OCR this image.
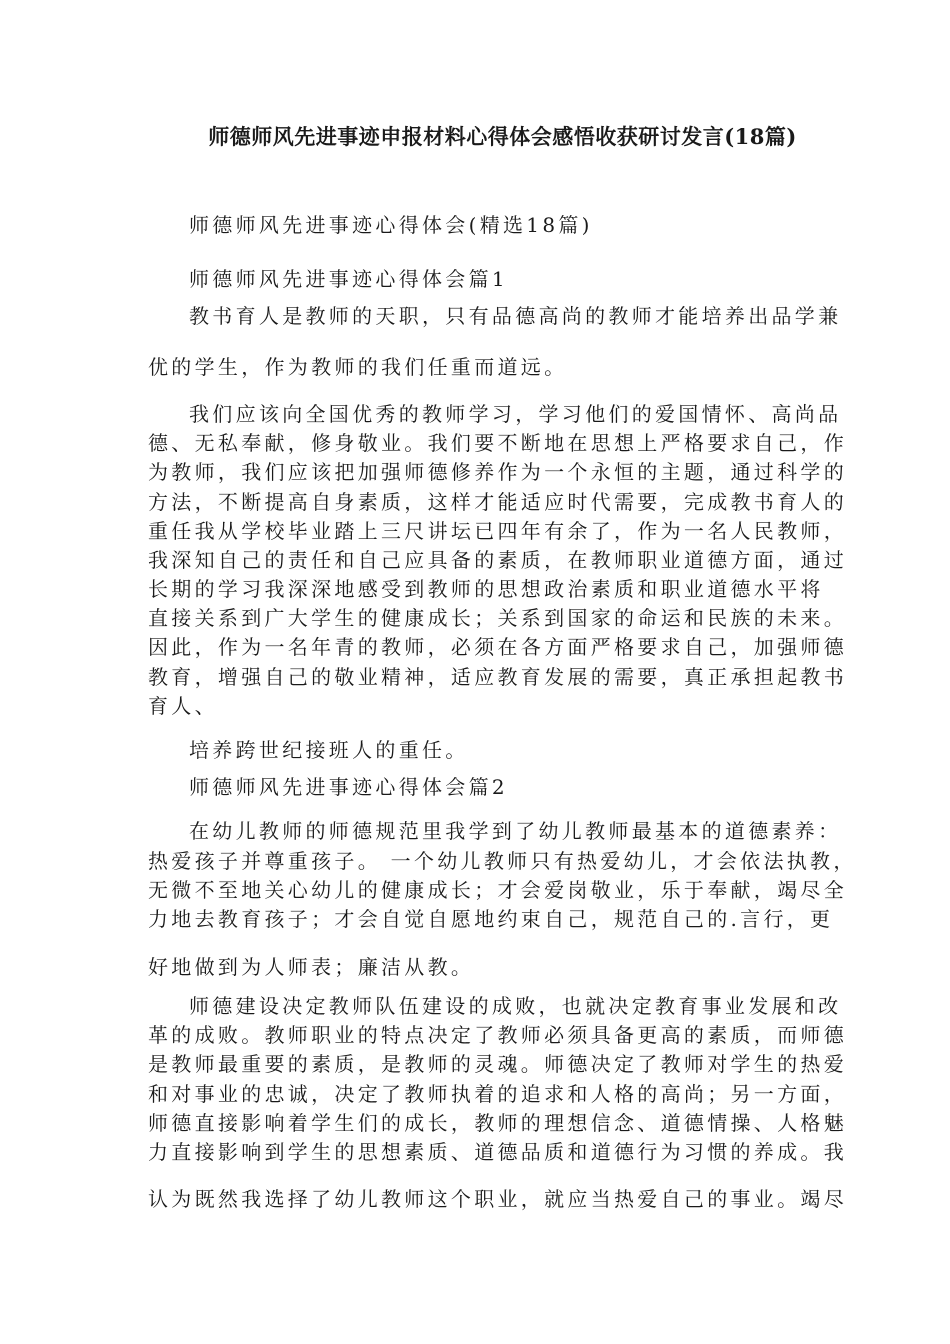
师德师风先进事迹申报材料心得体会感悟收获研讨发言(18篇)
师德师风先进事迹心得体会(精选18篇)
师德师风先进事迹心得体会篇1
教书育人是教师的天职，只有品德高尚的教师才能培养出品学兼
优的学生，作为教师的我们任重而道远。
我们应该向全国优秀的教师学习，学习他们的爱国情怀、高尚品
德、无私奉献，修身敬业。我们要不断地在思想上严格要求自己，作
为教师，我们应该把加强师德修养作为一个永恒的主题，通过科学的
方法，不断提高自身素质，这样才能适应时代需要，完成教书育人的
重任我从学校毕业踏上三尺讲坛已四年有余了，作为一名人民教师，
我深知自己的责任和自己应具备的素质，在教师职业道德方面，通过
长期的学习我深深地感受到教师的思想政治素质和职业道德水平将
直接关系到广大学生的健康成长；关系到国家的命运和民族的未来。
因此，作为一名年青的教师，必须在各方面严格要求自己，加强师德
教育，增强自己的敬业精神，适应教育发展的需要，真正承担起教书
育人、
培养跨世纪接班人的重任。
师德师风先进事迹心得体会篇2
在幼儿教师的师德规范里我学到了幼儿教师最基本的道德素养：
热爱孩子并尊重孩子。 一个幼儿教师只有热爱幼儿，才会依法执教，
无微不至地关心幼儿的健康成长；才会爱岗敬业，乐于奉献，竭尽全
力地去教育孩子；才会自觉自愿地约束自己，规范自己的.言行，更
好地做到为人师表；廉洁从教。
师德建设决定教师队伍建设的成败，也就决定教育事业发展和改
革的成败。教师职业的特点决定了教师必须具备更高的素质，而师德
是教师最重要的素质，是教师的灵魂。师德决定了教师对学生的热爱
和对事业的忠诚，决定了教师执着的追求和人格的高尚；另一方面，
师德直接影响着学生们的成长，教师的理想信念、道德情操、人格魅
力直接影响到学生的思想素质、道德品质和道德行为习惯的养成。我
认为既然我选择了幼儿教师这个职业，就应当热爱自己的事业。竭尽
